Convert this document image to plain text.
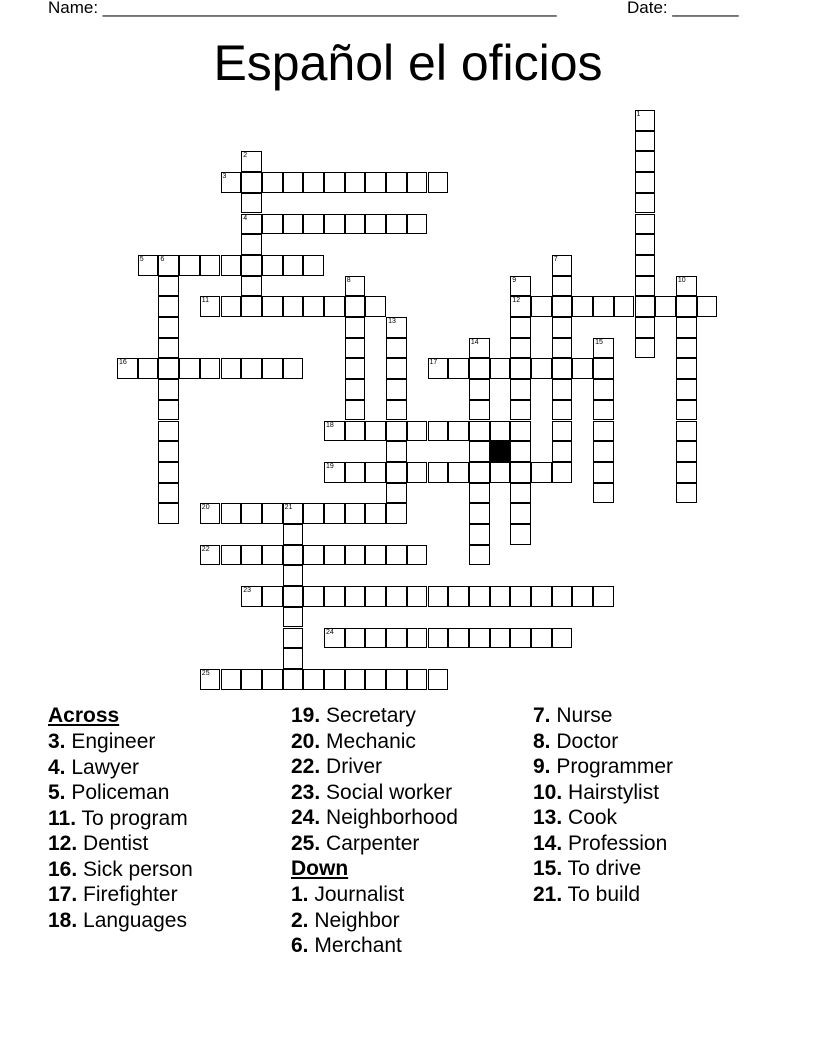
Name: ________________________________________________	Date: _______
Español el oficios
3
4
5 6
11	12
16	17
18
19
20	21
22
23
24
25
1
2
7
8	9	10
13
14	15
Across
3. Engineer
4. Lawyer
5. Policeman
11. To program
12. Dentist
16. Sick person
17. Firefighter
18. Languages
19. Secretary
20. Mechanic
22. Driver
23. Social worker
24. Neighborhood
25. Carpenter
Down
1. Journalist
2. Neighbor
6. Merchant
7. Nurse
8. Doctor
9. Programmer
10. Hairstylist
13. Cook
14. Profession
15. To drive
21. To build
